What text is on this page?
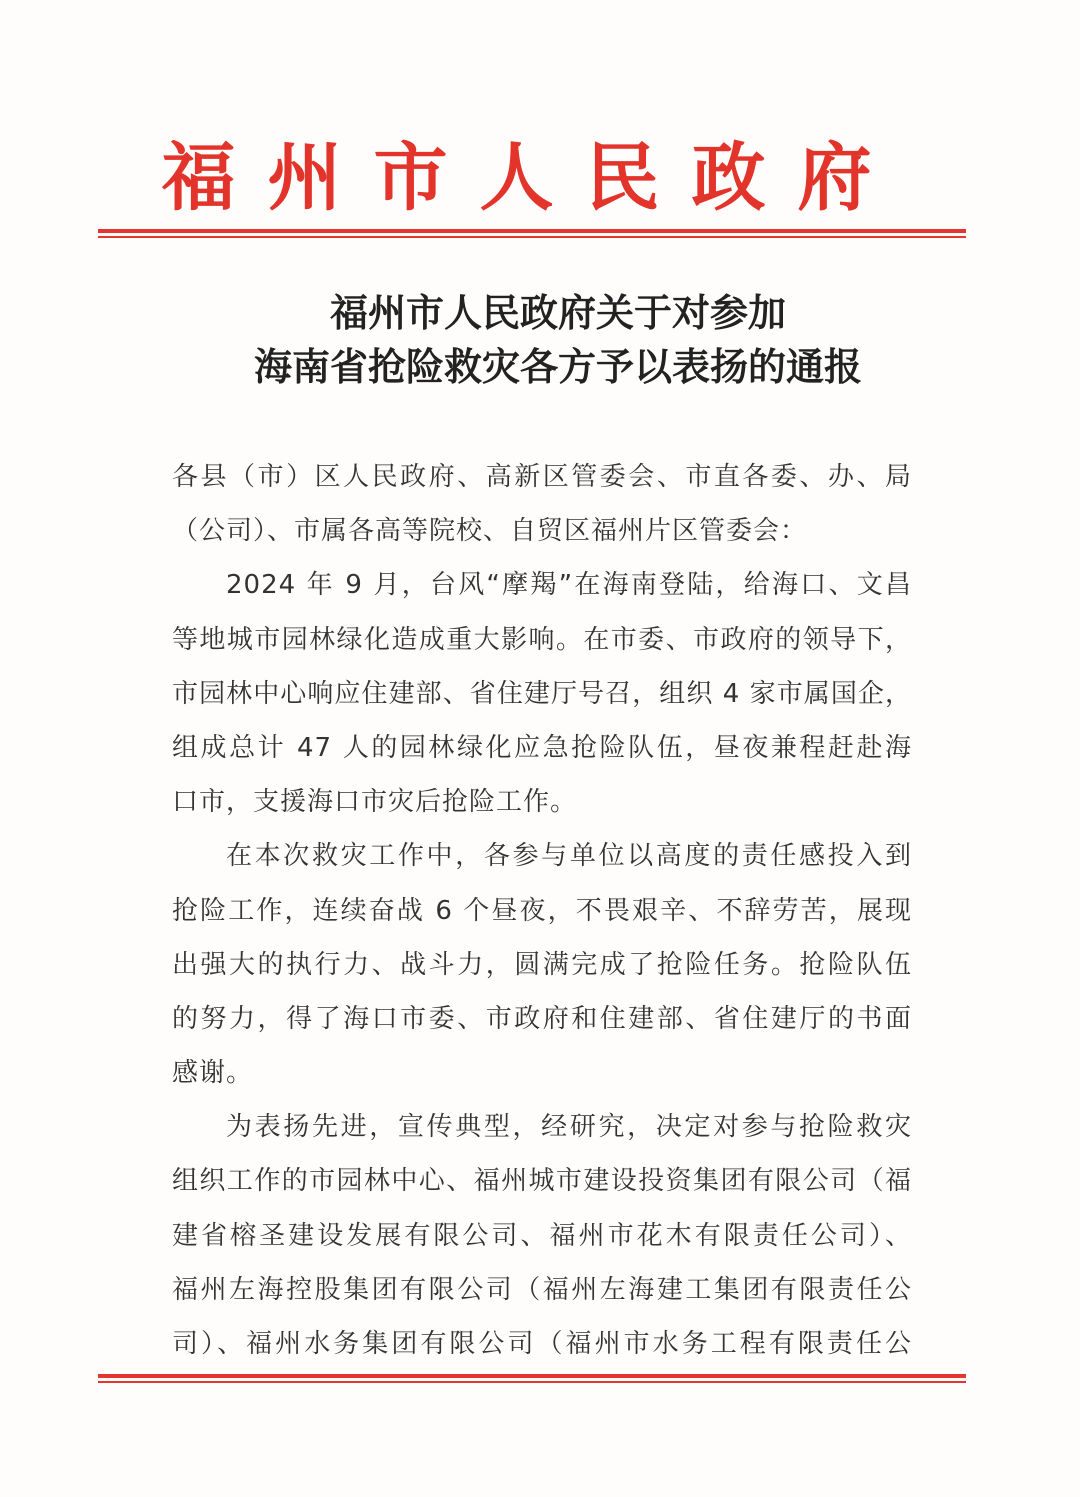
福州市人民政府
福州市人民政府关于对参加
海南省抢险救灾各方予以表扬的通报
各县（市）区人民政府、高新区管委会、市直各委、办、局
（公司）、市属各高等院校、自贸区福州片区管委会：
2024 年 9 月，台风“摩羯”在海南登陆，给海口、文昌
等地城市园林绿化造成重大影响。在市委、市政府的领导下，
市园林中心响应住建部、省住建厅号召，组织 4 家市属国企，
组成总计 47 人的园林绿化应急抢险队伍，昼夜兼程赶赴海
口市，支援海口市灾后抢险工作。
在本次救灾工作中，各参与单位以高度的责任感投入到
抢险工作，连续奋战 6 个昼夜，不畏艰辛、不辞劳苦，展现
出强大的执行力、战斗力，圆满完成了抢险任务。抢险队伍
的努力，得了海口市委、市政府和住建部、省住建厅的书面
感谢。
为表扬先进，宣传典型，经研究，决定对参与抢险救灾
组织工作的市园林中心、福州城市建设投资集团有限公司（福
建省榕圣建设发展有限公司、福州市花木有限责任公司）、
福州左海控股集团有限公司（福州左海建工集团有限责任公
司）、福州水务集团有限公司（福州市水务工程有限责任公
